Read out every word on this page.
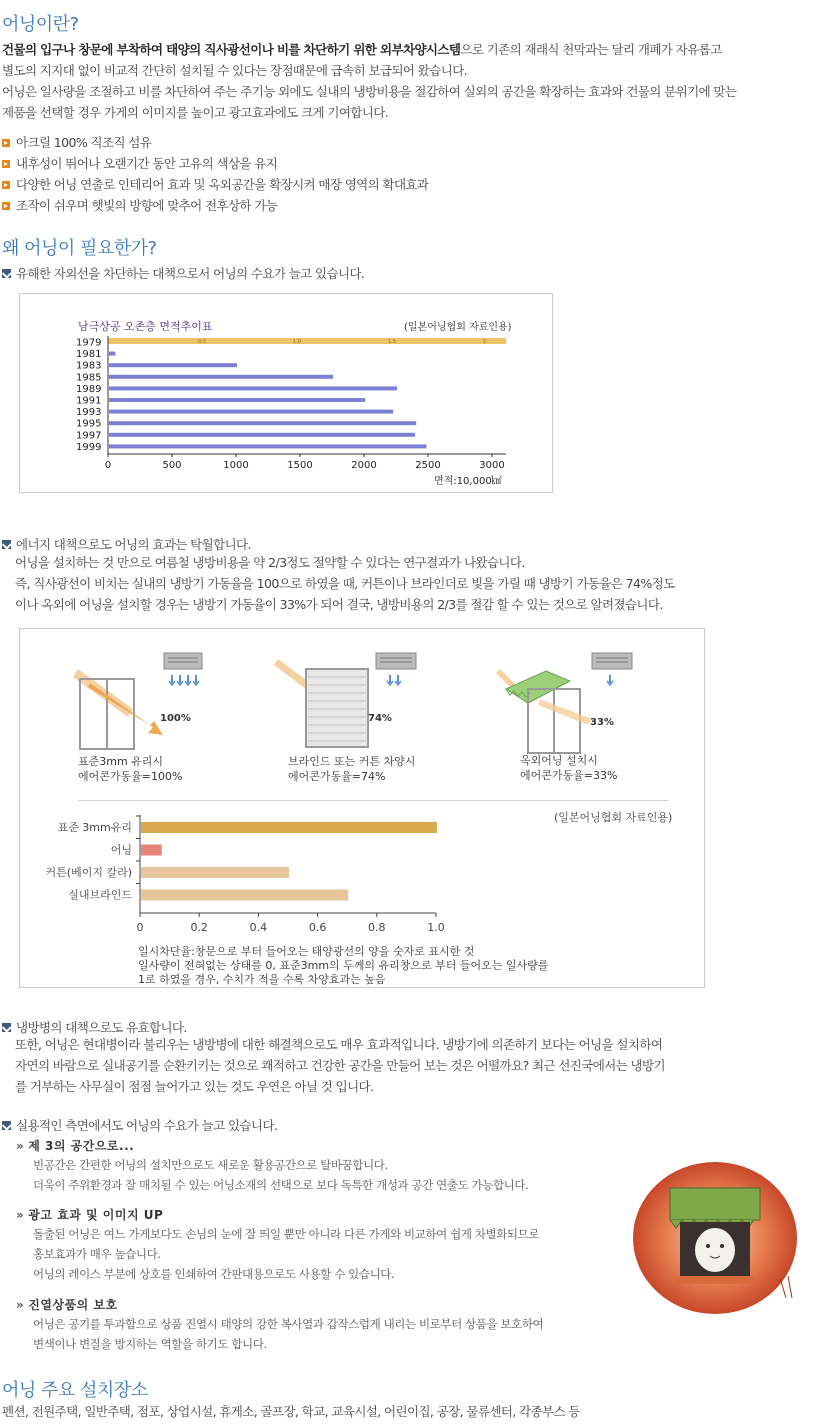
어닝이란?
건물의 입구나 창문에 부착하여 태양의 직사광선이나 비를 차단하기 위한 외부차양시스템으로 기존의 재래식 천막과는 달리 개폐가 자유롭고
별도의 지지대 없이 비교적 간단히 설치될 수 있다는 장점때문에 급속히 보급되어 왔습니다.
어닝은 일사량을 조절하고 비를 차단하여 주는 주기능 외에도 실내의 냉방비용을 절감하여 실외의 공간을 확장하는 효과와 건물의 분위기에 맞는
제품을 선택할 경우 가게의 이미지를 높이고 광고효과에도 크게 기여합니다.
아크릴 100% 직조직 섬유
내후성이 뛰어나 오랜기간 동안 고유의 색상을 유지
다양한 어닝 연출로 인테리어 효과 및 옥외공간을 확장시켜 매장 영역의 확대효과
조작이 쉬우며 햇빛의 방향에 맞추어 전후상하 가능
왜 어닝이 필요한가?
유해한 자외선을 차단하는 대책으로서 어닝의 수요가 늘고 있습니다.
남극상공 오존층 면적추이표	(일본어닝협회 자료인용)
0.5	1.0	1.5	2
1979
1981
1983
1985
1989
1991
1993
1995
1997
1999
0	500	1000	1500	2000	2500	3000
면적:10,000㎢
에너지 대책으로도 어닝의 효과는 탁월합니다.
어닝을 설치하는 것 만으로 여름철 냉방비용을 약 2/3정도 절약할 수 있다는 연구결과가 나왔습니다.
즉, 직사광선이 비치는 실내의 냉방기 가동율을 100으로 하였을 때, 커튼이나 브라인더로 빛을 가릴 때 냉방기 가동율은 74%정도
이나 옥외에 어닝을 설치할 경우는 냉방기 가동율이 33%가 되어 결국, 냉방비용의 2/3를 절감 할 수 있는 것으로 알려졌습니다.
100%	74%	33%
표준3mm 유리시
에어콘가동율=100%
브라인드 또는 커튼 차양시
에어콘가동율=74%
옥외어닝 설치시
에어콘가동율=33%
(일본어닝협회 자료인용)
표준 3mm유리
어닝
커튼(베이지 칼라)
실내브라인드
0	0.2	0.4	0.6	0.8	1.0
일시차단율:창문으로 부터 들어오는 태양광선의 양을 숫자로 표시한 것
일사량이 전혀없는 상태를 0, 표준3mm의 두께의 유리창으로 부터 들어오는 일사량를
1로 하였을 경우, 수치가 적을 수록 차양효과는 높음
냉방병의 대책으로도 유효합니다.
또한, 어닝은 현대병이라 불리우는 냉방병에 대한 해결책으로도 매우 효과적입니다. 냉방기에 의존하기 보다는 어닝을 설치하여
자연의 바람으로 실내공기를 순환키키는 것으로 쾌적하고 건강한 공간을 만들어 보는 것은 어떨까요? 최근 선진국에서는 냉방기
를 거부하는 사무실이 점점 늘어가고 있는 것도 우연은 아닐 것 입니다.
실용적인 측면에서도 어닝의 수요가 늘고 있습니다.
» 제 3의 공간으로...
빈공간은 간편한 어닝의 설치만으로도 새로운 활용공간으로 탈바꿈합니다.
더욱이 주위환경과 잘 매치될 수 있는 어닝소재의 선택으로 보다 독특한 개성과 공간 연출도 가능합니다.
» 광고 효과 및 이미지 UP
돌출된 어닝은 여느 가게보다도 손님의 눈에 잘 띄일 뿐만 아니라 다른 가게와 비교하여 쉽게 차별화되므로
홍보효과가 매우 높습니다.
어닝의 레이스 부분에 상호를 인쇄하여 간판대용으로도 사용할 수 있습니다.
» 진열상품의 보호
어닝은 공기를 투과함으로 상품 진열시 태양의 강한 복사열과 갑작스럽게 내리는 비로부터 상품을 보호하여
변색이나 변질을 방지하는 역할을 하기도 합니다.
어닝 주요 설치장소
펜션, 전원주택, 일반주택, 점포, 상업시설, 휴게소, 골프장, 학교, 교육시설, 어린이집, 공장, 물류센터, 각종부스 등
